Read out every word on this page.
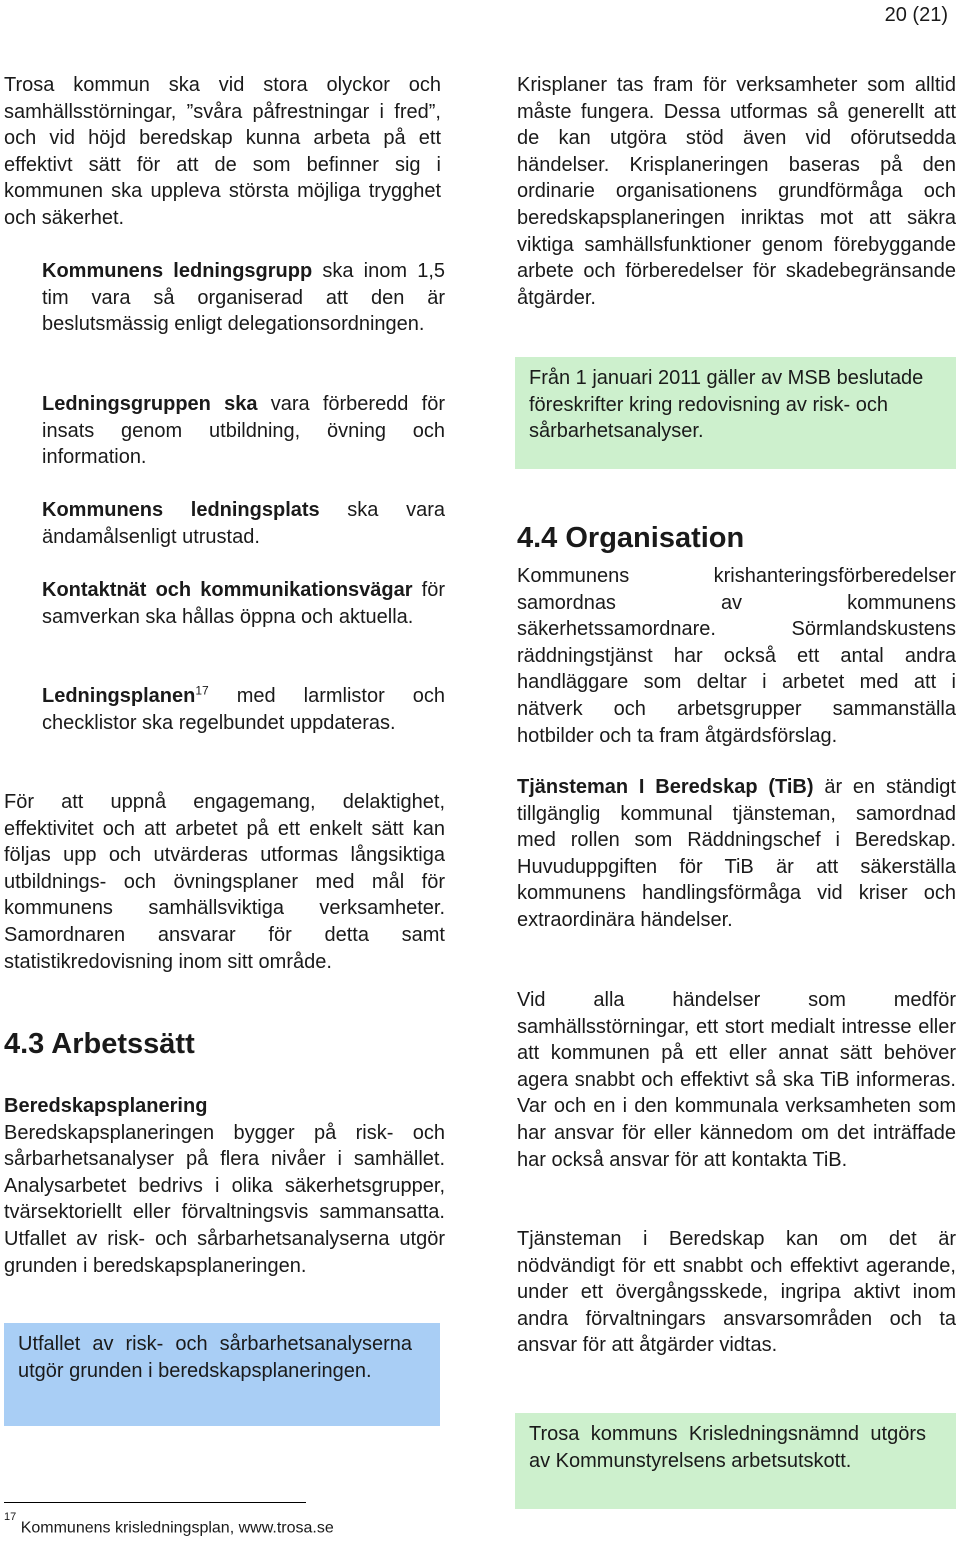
20 (21)

Trosa kommun ska vid stora olyckor och samhällsstörningar, ”svåra påfrestningar i fred”, och vid höjd beredskap kunna arbeta på ett effektivt sätt för att de som befinner sig i kommunen ska uppleva största möjliga trygghet och säkerhet.

Kommunens ledningsgrupp ska inom 1,5 tim vara så organiserad att den är beslutsmässig enligt delegationsordningen.

Ledningsgruppen ska vara förberedd för insats genom utbildning, övning och information.

Kommunens ledningsplats ska vara ändamålsenligt utrustad.

Kontaktnät och kommunikationsvägar för samverkan ska hållas öppna och aktuella.

Ledningsplanen$^{17}$ med larmlistor och checklistor ska regelbundet uppdateras.

För att uppnå engagemang, delaktighet, effektivitet och att arbetet på ett enkelt sätt kan följas upp och utvärderas utformas långsiktiga utbildnings- och övningsplaner med mål för kommunens samhällsviktiga verksamheter. Samordnaren ansvarar för detta samt statistikredovisning inom sitt område.

4.3 Arbetssätt
Beredskapsplanering

Beredskapsplaneringen bygger på risk- och sårbarhetsanalyser på flera nivåer i samhället. Analysarbetet bedrivs i olika säkerhetsgrupper, tvärsektoriellt eller förvaltningsvis sammansatta. Utfallet av risk- och sårbarhetsanalyserna utgör grunden i beredskapsplaneringen.

Utfallet av risk- och sårbarhetsanalyserna utgör grunden i beredskapsplaneringen.

Krisplaner tas fram för verksamheter som alltid måste fungera. Dessa utformas så generellt att de kan utgöra stöd även vid oförutsedda händelser. Krisplaneringen baseras på den ordinarie organisationens grundförmåga och beredskapsplaneringen inriktas mot att säkra viktiga samhällsfunktioner genom förebyggande arbete och förberedelser för skadebegränsande åtgärder.

Från 1 januari 2011 gäller av MSB beslutade föreskrifter kring redovisning av risk- och sårbarhetsanalyser.

4.4 Organisation

Kommunens krishanteringsförberedelser samordnas av kommunens säkerhetssamordnare. Sörmlandskustens räddningstjänst har också ett antal andra handläggare som deltar i arbetet med att i nätverk och arbetsgrupper sammanställa hotbilder och ta fram åtgärdsförslag.

Tjänsteman I Beredskap (TiB) är en ständigt tillgänglig kommunal tjänsteman, samordnad med rollen som Räddningschef i Beredskap. Huvuduppgiften för TiB är att säkerställa kommunens handlingsförmåga vid kriser och extraordinära händelser.

Vid alla händelser som medför samhällsstörningar, ett stort medialt intresse eller att kommunen på ett eller annat sätt behöver agera snabbt och effektivt så ska TiB informeras. Var och en i den kommunala verksamheten som har ansvar för eller kännedom om det inträffade har också ansvar för att kontakta TiB.

Tjänsteman i Beredskap kan om det är nödvändigt för ett snabbt och effektivt agerande, under ett övergångsskede, ingripa aktivt inom andra förvaltningars ansvarsområden och ta ansvar för att åtgärder vidtas.

Trosa kommuns Krisledningsnämnd utgörs av Kommunstyrelsens arbetsutskott.

$^{17}$ Kommunens krisledningsplan, www.trosa.se
